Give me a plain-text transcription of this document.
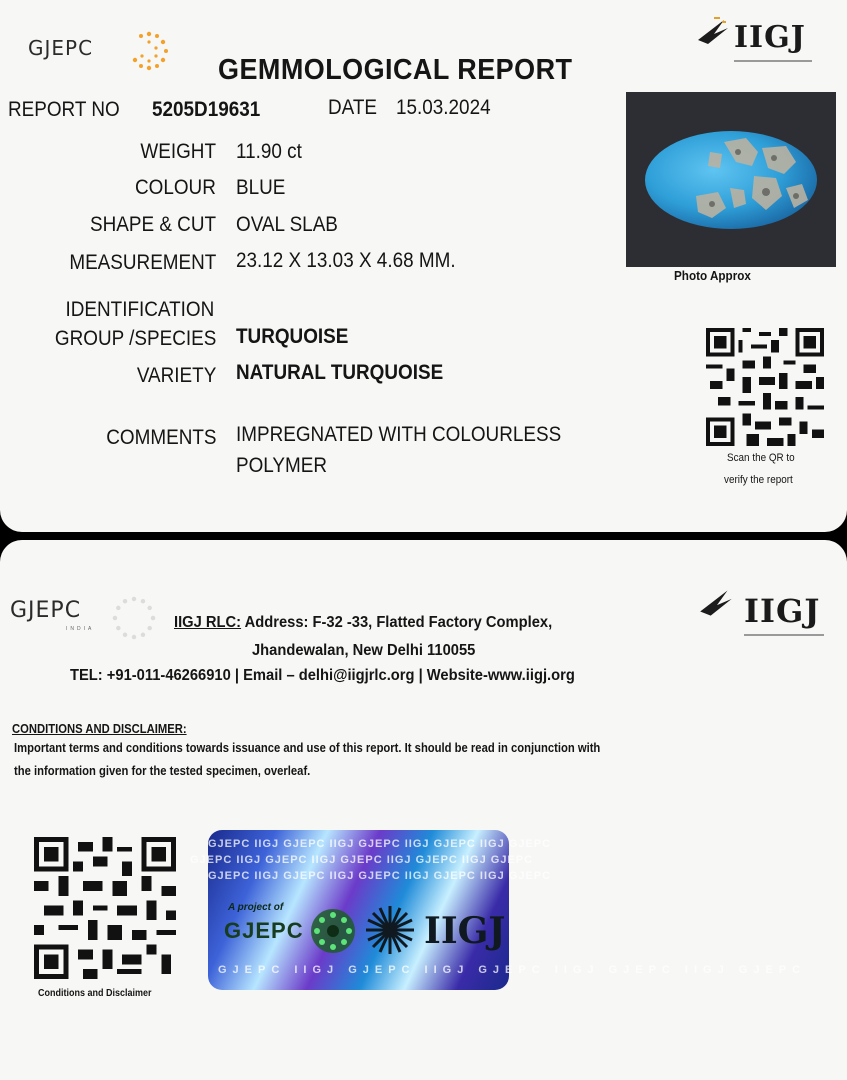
GJEPC	IIGJ
GEMMOLOGICAL REPORT
REPORT NO 5205D19631	DATE 15.03.2024
WEIGHT 11.90 ct
COLOUR BLUE
SHAPE & CUT OVAL SLAB
MEASUREMENT 23.12 X 13.03 X 4.68 MM.
IDENTIFICATION
GROUP /SPECIES TURQUOISE
VARIETY NATURAL TURQUOISE
COMMENTS IMPREGNATED WITH COLOURLESS
POLYMER
Photo Approx
Scan the QR to
verify the report
GJEPC
INDIA	IIGJ
IIGJ RLC: Address: F-32 -33, Flatted Factory Complex,
Jhandewalan, New Delhi 110055
TEL: +91-011-46266910 | Email – delhi@iigjrlc.org | Website-www.iigj.org
CONDITIONS AND DISCLAIMER:
Important terms and conditions towards issuance and use of this report. It should be read in conjunction with
the information given for the tested specimen, overleaf.
Conditions and Disclaimer
GJEPC IIGJ GJEPC IIGJ GJEPC IIGJ GJEPC IIGJ GJEPC
GJEPC IIGJ GJEPC IIGJ GJEPC IIGJ GJEPC IIGJ GJEPC
GJEPC IIGJ GJEPC IIGJ GJEPC IIGJ GJEPC IIGJ GJEPC
GJEPC IIGJ GJEPC IIGJ GJEPC IIGJ GJEPC IIGJ GJEPC
A project of
GJEPC	IIGJ
